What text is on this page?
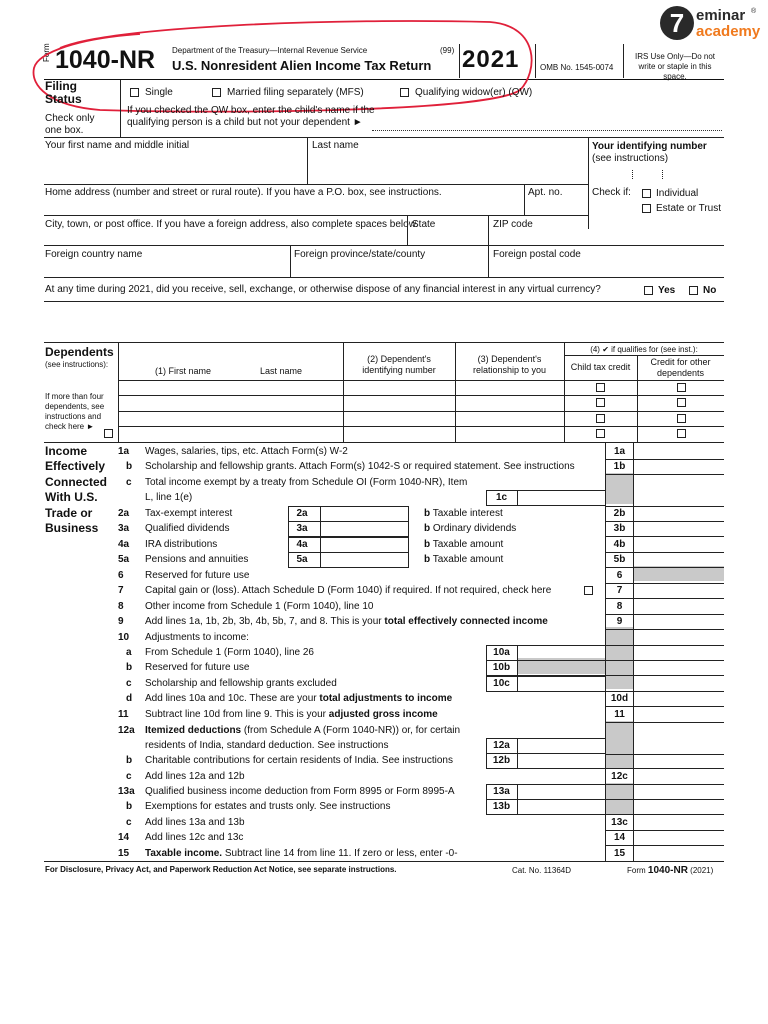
7 eminar ®
academy
Form 1040-NR Department of the Treasury—Internal Revenue Service	(99)
U.S. Nonresident Alien Income Tax Return 2021	OMB No. 1545-0074
IRS Use Only—Do not write or staple in this space.
Filing
Status
Check only
one box.
Single	Married filing separately (MFS)	Qualifying widow(er) (QW)
If you checked the QW box, enter the child's name if the
qualifying person is a child but not your dependent ►
Your first name and middle initial	Last name	Your identifying number
(see instructions)
Home address (number and street or rural route). If you have a P.O. box, see instructions.	Apt. no.	Check if:	Individual
Estate or Trust
City, town, or post office. If you have a foreign address, also complete spaces below.
State	ZIP code
Foreign country name	Foreign province/state/county	Foreign postal code
At any time during 2021, did you receive, sell, exchange, or otherwise dispose of any financial interest in any virtual currency?	Yes	No
Dependents
(see instructions):
(1) First name	Last name
(2) Dependent's
identifying number
(3) Dependent's
relationship to you
(4) ✔ if qualifies for (see inst.):
Child tax credit	Credit for other
dependents
If more than four
dependents, see
instructions and
check here ►
Income
Effectively
Connected
With U.S.
Trade or
Business
1a Wages, salaries, tips, etc. Attach Form(s) W-2	1a
b Scholarship and fellowship grants. Attach Form(s) 1042-S or required statement. See instructions	1b
c Total income exempt by a treaty from Schedule OI (Form 1040-NR), Item
L, line 1(e)	1c
2a Tax-exempt interest	2a	b Taxable interest	2b
3a Qualified dividends	3a	b Ordinary dividends	3b
4a IRA distributions	4a	b Taxable amount	4b
5a Pensions and annuities	5a	b Taxable amount	5b
6 Reserved for future use	6
7 Capital gain or (loss). Attach Schedule D (Form 1040) if required. If not required, check here	7
8 Other income from Schedule 1 (Form 1040), line 10	8
9 Add lines 1a, 1b, 2b, 3b, 4b, 5b, 7, and 8. This is your total effectively connected income	9
10 Adjustments to income:
a From Schedule 1 (Form 1040), line 26	10a
b Reserved for future use	10b
c Scholarship and fellowship grants excluded	10c
d Add lines 10a and 10c. These are your total adjustments to income	10d
11 Subtract line 10d from line 9. This is your adjusted gross income	11
12a Itemized deductions (from Schedule A (Form 1040-NR)) or, for certain
residents of India, standard deduction. See instructions	12a
b Charitable contributions for certain residents of India. See instructions	12b
c Add lines 12a and 12b	12c
13a Qualified business income deduction from Form 8995 or Form 8995-A	13a
b Exemptions for estates and trusts only. See instructions	13b
c Add lines 13a and 13b	13c
14 Add lines 12c and 13c	14
15 Taxable income. Subtract line 14 from line 11. If zero or less, enter -0-	15
For Disclosure, Privacy Act, and Paperwork Reduction Act Notice, see separate instructions.	Cat. No. 11364D	Form 1040-NR (2021)
